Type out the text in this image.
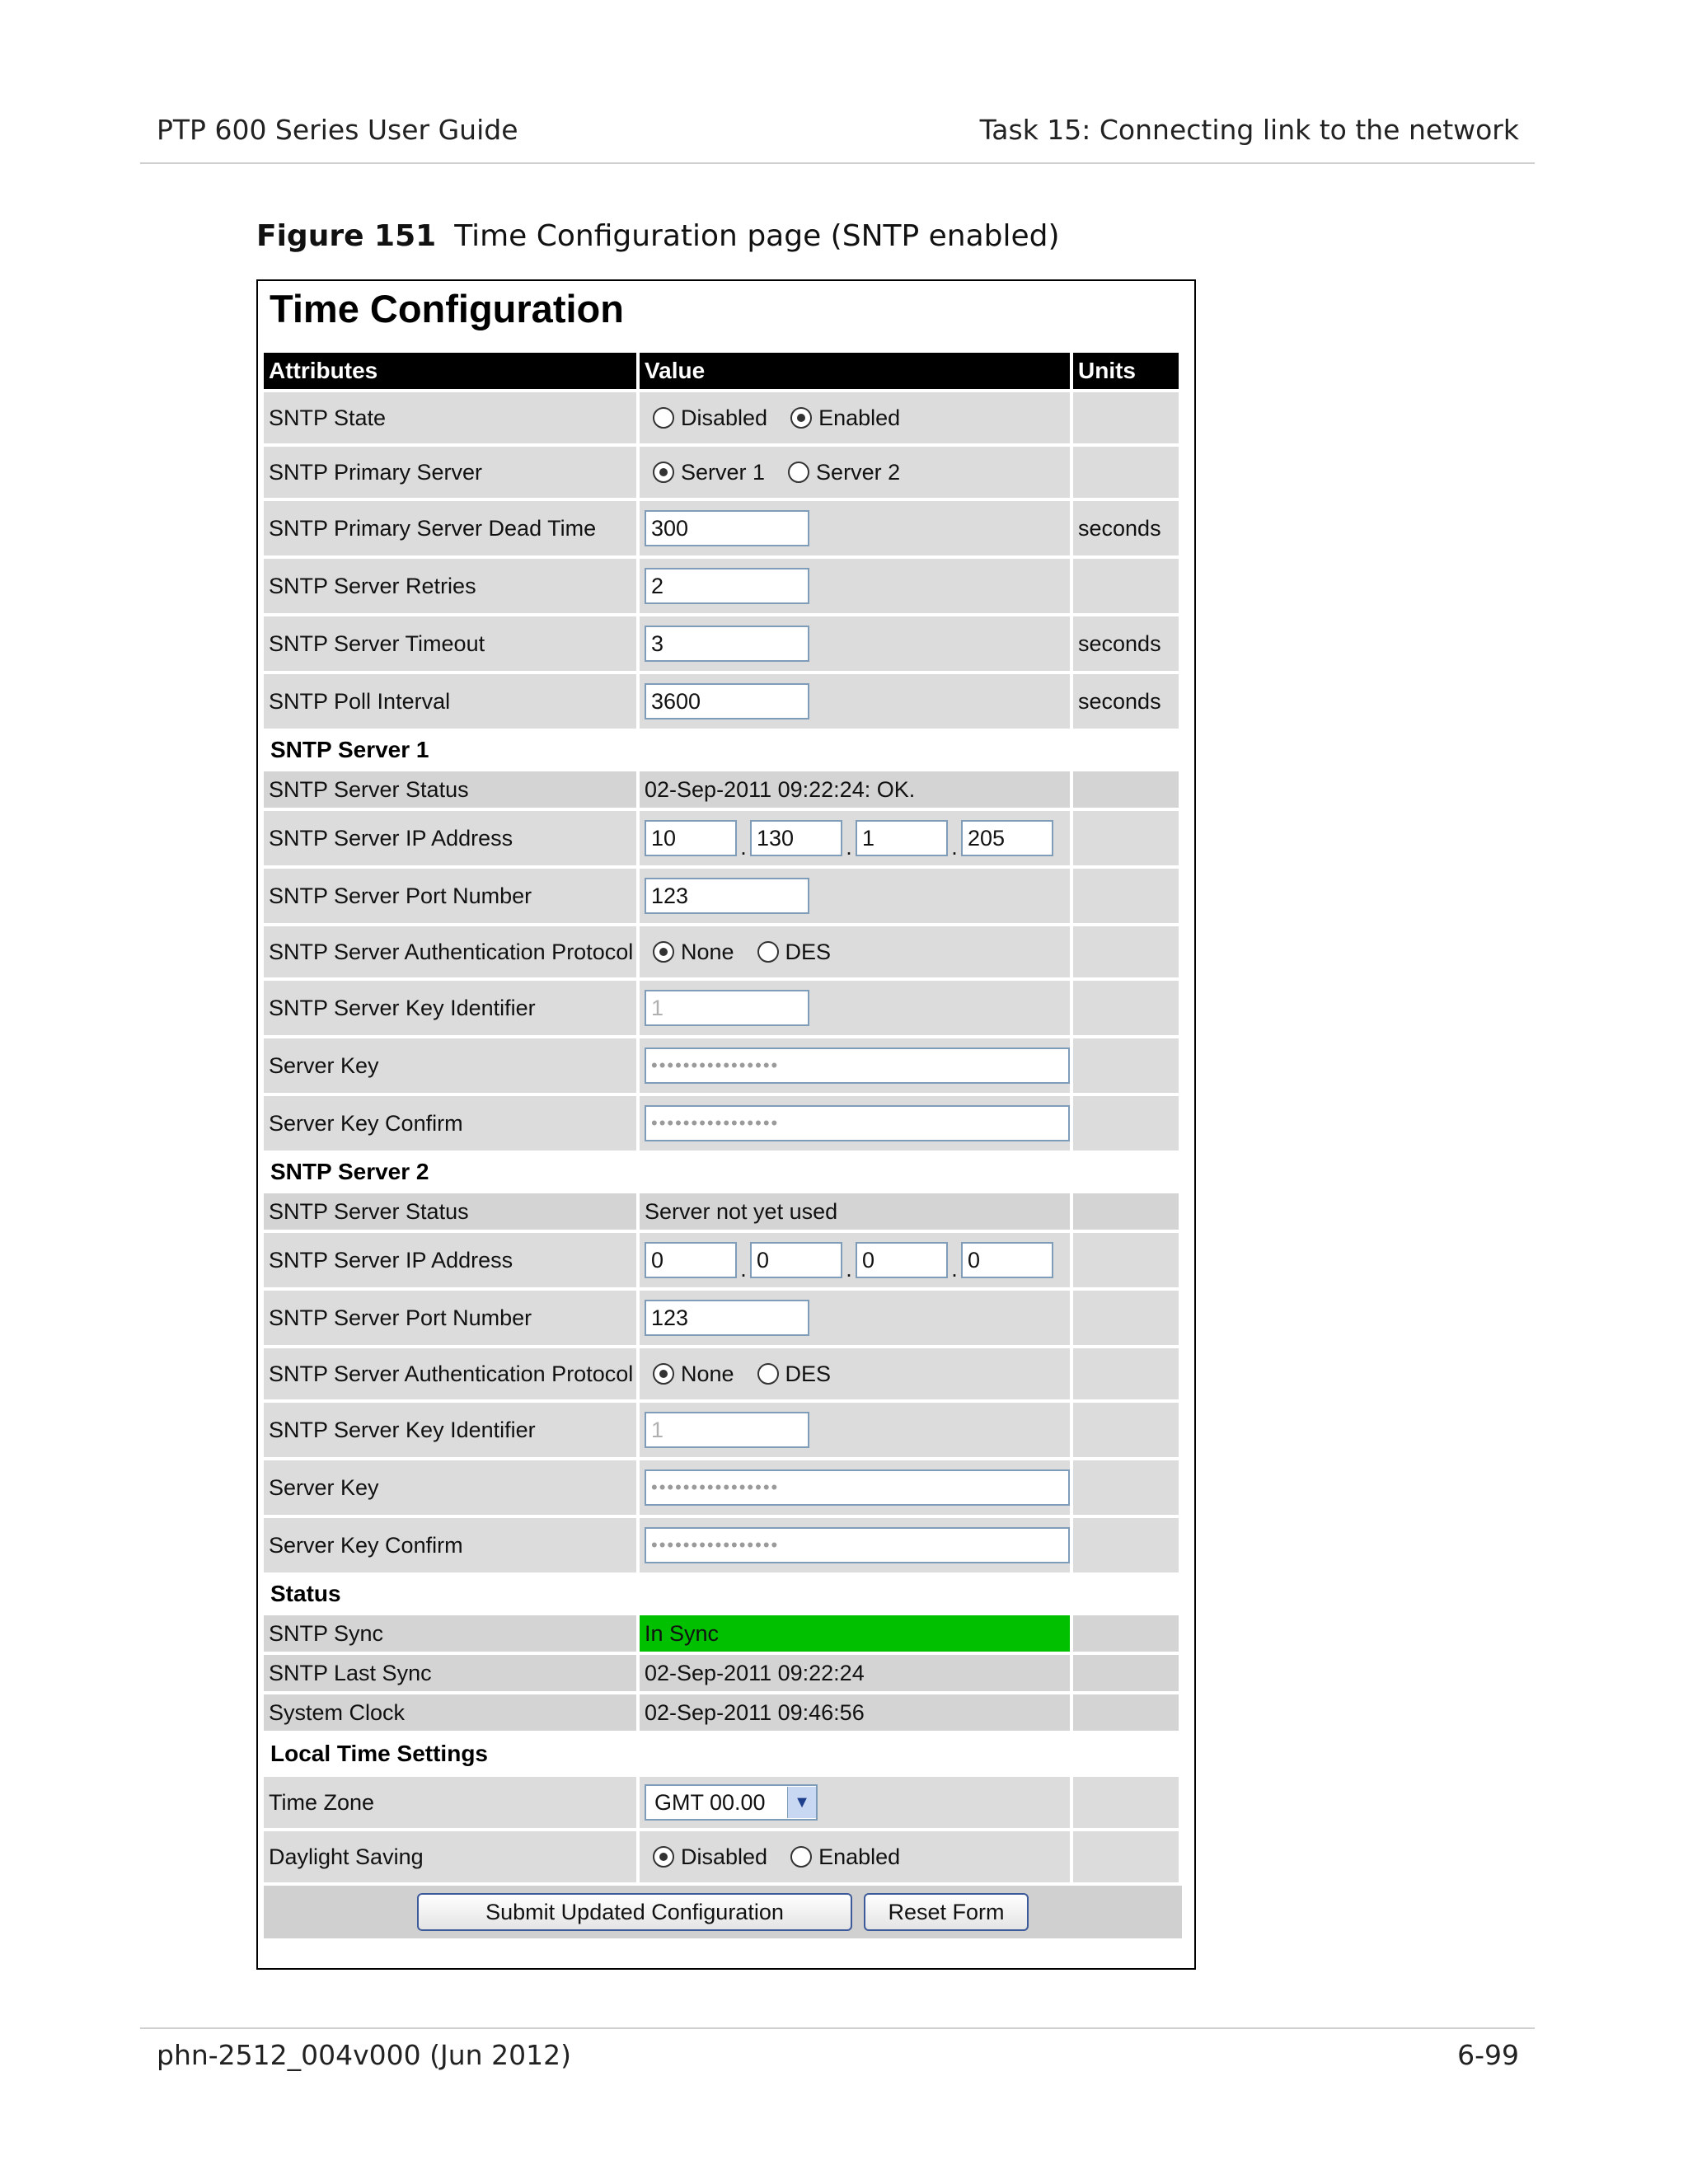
PTP 600 Series User Guide	Task 15: Connecting link to the network
Figure 151 Time Configuration page (SNTP enabled)
Time Configuration
Attributes	Value	Units
SNTP State	Disabled Enabled
SNTP Primary Server	Server 1 Server 2
SNTP Primary Server Dead Time	300	seconds
SNTP Server Retries	2
SNTP Server Timeout	3	seconds
SNTP Poll Interval	3600	seconds
SNTP Server 1
SNTP Server Status	02-Sep-2011 09:22:24: OK.
SNTP Server IP Address	10	. 130	. 1	. 205
SNTP Server Port Number	123
SNTP Server Authentication Protocol None DES
SNTP Server Key Identifier	1
Server Key	••••••••••••••••
Server Key Confirm	••••••••••••••••
SNTP Server 2
SNTP Server Status	Server not yet used
SNTP Server IP Address	0	. 0	. 0	. 0
SNTP Server Port Number	123
SNTP Server Authentication Protocol None DES
SNTP Server Key Identifier	1
Server Key	••••••••••••••••
Server Key Confirm	••••••••••••••••
Status
SNTP Sync	In Sync
SNTP Last Sync	02-Sep-2011 09:22:24
System Clock	02-Sep-2011 09:46:56
Local Time Settings
Time Zone	GMT 00.00	▼
Daylight Saving	Disabled Enabled
Submit Updated Configuration	Reset Form
phn-2512_004v000 (Jun 2012)	6-99
